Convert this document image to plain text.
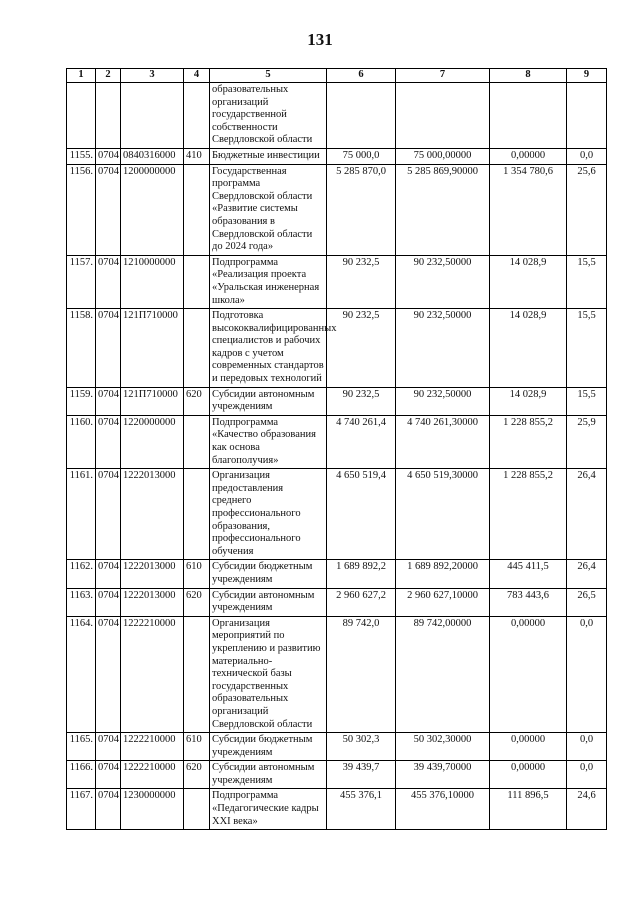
131
1	2	3	4	5	6	7	8	9
				образовательных организаций государственной собственности Свердловской области				
1155.	0704	0840316000	410	Бюджетные инвестиции	75 000,0	75 000,00000	0,00000	0,0
1156.	0704	1200000000		Государственная программа Свердловской области «Развитие системы образования в Свердловской области до 2024 года»	5 285 870,0	5 285 869,90000	1 354 780,6	25,6
1157.	0704	1210000000		Подпрограмма «Реализация проекта «Уральская инженерная школа»	90 232,5	90 232,50000	14 028,9	15,5
1158.	0704	121П710000		Подготовка высококвалифицированных специалистов и рабочих кадров с учетом современных стандартов и передовых технологий	90 232,5	90 232,50000	14 028,9	15,5
1159.	0704	121П710000	620	Субсидии автономным учреждениям	90 232,5	90 232,50000	14 028,9	15,5
1160.	0704	1220000000		Подпрограмма «Качество образования как основа благополучия»	4 740 261,4	4 740 261,30000	1 228 855,2	25,9
1161.	0704	1222013000		Организация предоставления среднего профессионального образования, профессионального обучения	4 650 519,4	4 650 519,30000	1 228 855,2	26,4
1162.	0704	1222013000	610	Субсидии бюджетным учреждениям	1 689 892,2	1 689 892,20000	445 411,5	26,4
1163.	0704	1222013000	620	Субсидии автономным учреждениям	2 960 627,2	2 960 627,10000	783 443,6	26,5
1164.	0704	1222210000		Организация мероприятий по укреплению и развитию материально-технической базы государственных образовательных организаций Свердловской области	89 742,0	89 742,00000	0,00000	0,0
1165.	0704	1222210000	610	Субсидии бюджетным учреждениям	50 302,3	50 302,30000	0,00000	0,0
1166.	0704	1222210000	620	Субсидии автономным учреждениям	39 439,7	39 439,70000	0,00000	0,0
1167.	0704	1230000000		Подпрограмма «Педагогические кадры XXI века»	455 376,1	455 376,10000	111 896,5	24,6
